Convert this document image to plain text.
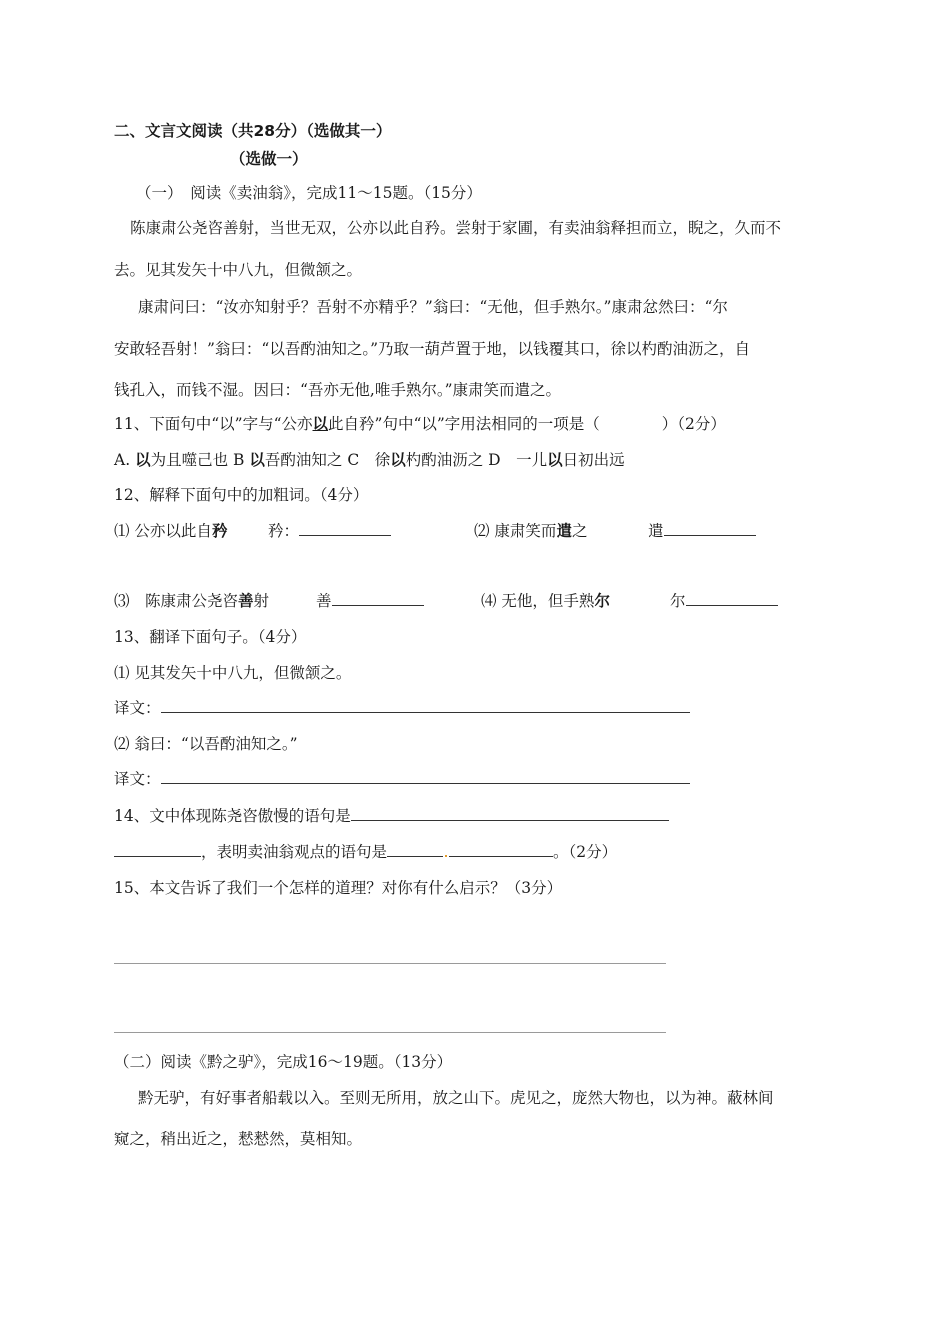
二、文言文阅读（共28分）（选做其一）
（选做一）
（一）　阅读《卖油翁》，完成11～15题。（15分）
陈康肃公尧咨善射，当世无双，公亦以此自矜。尝射于家圃，有卖油翁释担而立，睨之，久而不
去。见其发矢十中八九，但微颔之。
康肃问曰：“汝亦知射乎？吾射不亦精乎？”翁曰：“无他，但手熟尔。”康肃忿然曰：“尔
安敢轻吾射！”翁曰：“以吾酌油知之。”乃取一葫芦置于地，以钱覆其口，徐以杓酌油沥之，自
钱孔入，而钱不湿。因曰：“吾亦无他,唯手熟尔。”康肃笑而遣之。
11、下面句中“以”字与“公亦以此自矜”句中“以”字用法相同的一项是（　　　　）（2分）
A. 以为且噬己也 B 以吾酌油知之 C　徐以杓酌油沥之 D　一儿以日初出远
12、解释下面句中的加粗词。（4分）
⑴ 公亦以此自矜	矜：	⑵ 康肃笑而遣之	遣
⑶　陈康肃公尧咨善射	善	⑷ 无他，但手熟尔	尔
13、翻译下面句子。（4分）
⑴ 见其发矢十中八九，但微颔之。
译文：
⑵ 翁曰：“以吾酌油知之。”
译文：
14、文中体现陈尧咨傲慢的语句是
，表明卖油翁观点的语句是	。（2分）
15、本文告诉了我们一个怎样的道理？对你有什么启示？（3分）
（二）阅读《黔之驴》，完成16～19题。（13分）
黔无驴，有好事者船载以入。至则无所用，放之山下。虎见之，庞然大物也，以为神。蔽林间
窥之，稍出近之，慭慭然，莫相知。
